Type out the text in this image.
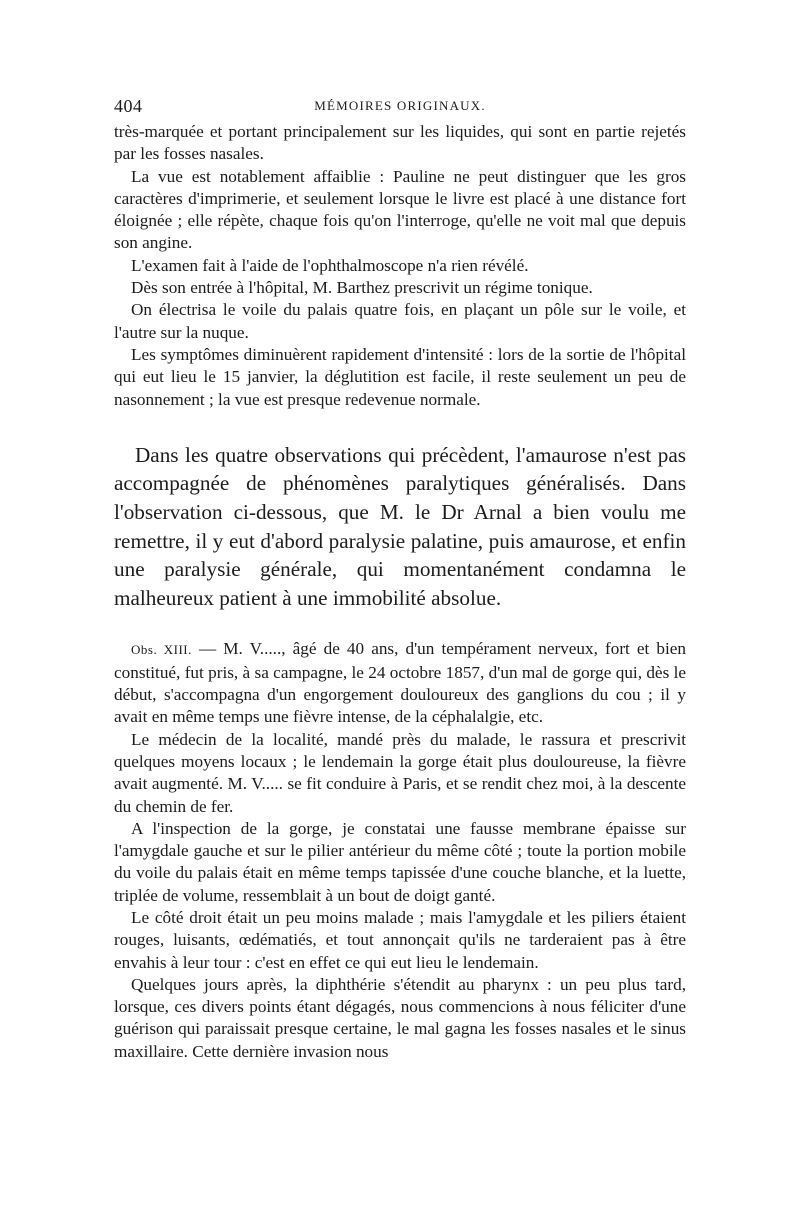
404	MÉMOIRES ORIGINAUX.

très-marquée et portant principalement sur les liquides, qui sont en partie rejetés par les fosses nasales.

La vue est notablement affaiblie : Pauline ne peut distinguer que les gros caractères d'imprimerie, et seulement lorsque le livre est placé à une distance fort éloignée ; elle répète, chaque fois qu'on l'interroge, qu'elle ne voit mal que depuis son angine.

L'examen fait à l'aide de l'ophthalmoscope n'a rien révélé.

Dès son entrée à l'hôpital, M. Barthez prescrivit un régime tonique.

On électrisa le voile du palais quatre fois, en plaçant un pôle sur le voile, et l'autre sur la nuque.

Les symptômes diminuèrent rapidement d'intensité : lors de la sortie de l'hôpital qui eut lieu le 15 janvier, la déglutition est facile, il reste seulement un peu de nasonnement ; la vue est presque redevenue normale.

Dans les quatre observations qui précèdent, l'amaurose n'est pas accompagnée de phénomènes paralytiques généralisés. Dans l'observation ci-dessous, que M. le Dr Arnal a bien voulu me remettre, il y eut d'abord paralysie palatine, puis amaurose, et enfin une paralysie générale, qui momentanément condamna le malheureux patient à une immobilité absolue.

Obs. XIII. — M. V....., âgé de 40 ans, d'un tempérament nerveux, fort et bien constitué, fut pris, à sa campagne, le 24 octobre 1857, d'un mal de gorge qui, dès le début, s'accompagna d'un engorgement douloureux des ganglions du cou ; il y avait en même temps une fièvre intense, de la céphalalgie, etc.

Le médecin de la localité, mandé près du malade, le rassura et prescrivit quelques moyens locaux ; le lendemain la gorge était plus douloureuse, la fièvre avait augmenté. M. V..... se fit conduire à Paris, et se rendit chez moi, à la descente du chemin de fer.

A l'inspection de la gorge, je constatai une fausse membrane épaisse sur l'amygdale gauche et sur le pilier antérieur du même côté ; toute la portion mobile du voile du palais était en même temps tapissée d'une couche blanche, et la luette, triplée de volume, ressemblait à un bout de doigt ganté.

Le côté droit était un peu moins malade ; mais l'amygdale et les piliers étaient rouges, luisants, œdématiés, et tout annonçait qu'ils ne tarderaient pas à être envahis à leur tour : c'est en effet ce qui eut lieu le lendemain.

Quelques jours après, la diphthérie s'étendit au pharynx : un peu plus tard, lorsque, ces divers points étant dégagés, nous commencions à nous féliciter d'une guérison qui paraissait presque certaine, le mal gagna les fosses nasales et le sinus maxillaire. Cette dernière invasion nous
